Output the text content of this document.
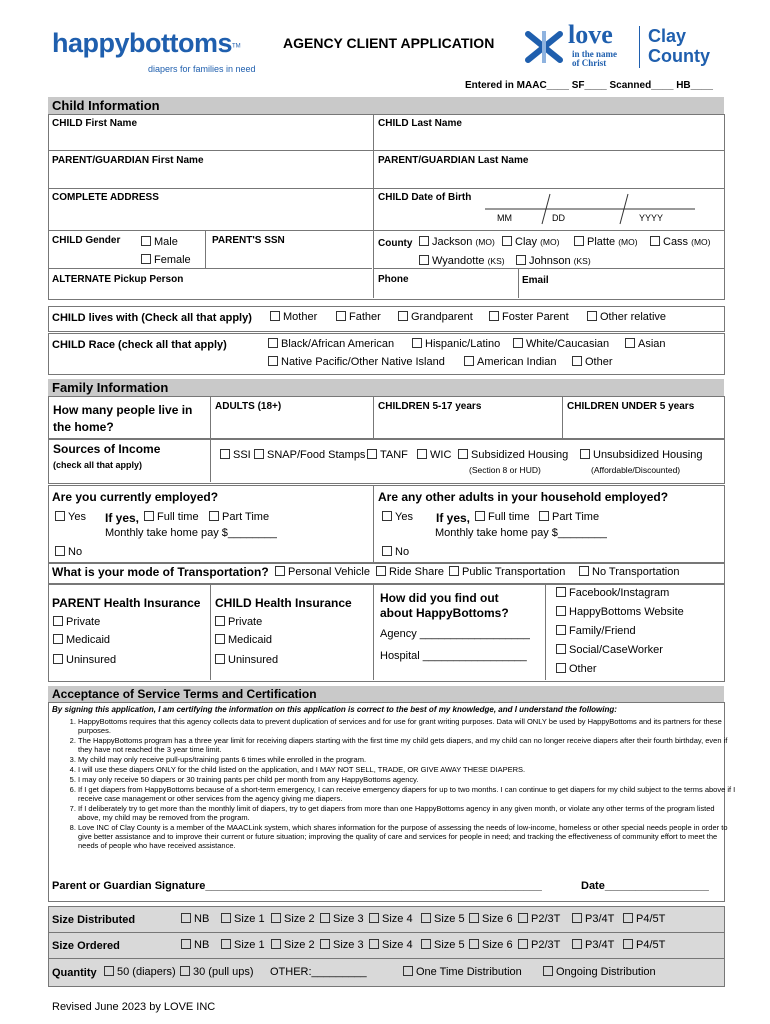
happybottoms™
diapers for families in need
AGENCY CLIENT APPLICATION	love
in the name
of Christ
Clay
County
Entered in MAAC____ SF____ Scanned____ HB____
Child Information
CHILD First Name	CHILD Last Name
PARENT/GUARDIAN First Name	PARENT/GUARDIAN Last Name
COMPLETE ADDRESS	CHILD Date of Birth
MM	DD	YYYY
CHILD Gender	Male
Female
PARENT'S SSN	County	Jackson (MO)	Clay (MO)	Platte (MO)	Cass (MO)
Wyandotte (KS)	Johnson (KS)
ALTERNATE Pickup Person	Phone	Email
CHILD lives with (Check all that apply)	Mother	Father	Grandparent	Foster Parent	Other relative
CHILD Race (check all that apply)	Black/African American	Hispanic/Latino	White/Caucasian	Asian
Native Pacific/Other Native Island	American Indian	Other
Family Information
How many people live in the home?
ADULTS (18+)	CHILDREN 5-17 years	CHILDREN UNDER 5 years
Sources of Income
(check all that apply)
SSI	SNAP/Food Stamps	TANF	WIC	Subsidized Housing	Unsubsidized Housing
(Section 8 or HUD)	(Affordable/Discounted)
Are you currently employed?	Are any other adults in your household employed?
Yes If yes,	Full time	Part Time
Monthly take home pay $________
No
Yes If yes,	Full time	Part Time
Monthly take home pay $________
No
What is your mode of Transportation?	Personal Vehicle	Ride Share	Public Transportation	No Transportation
PARENT Health Insurance
Private
Medicaid
Uninsured
CHILD Health Insurance
Private
Medicaid
Uninsured
How did you find out about HappyBottoms?
Agency __________________
Hospital _________________
Facebook/Instagram
HappyBottoms Website
Family/Friend
Social/CaseWorker
Other
Acceptance of Service Terms and Certification
By signing this application, I am certifying the information on this application is correct to the best of my knowledge, and I understand the following:
1. HappyBottoms requires that this agency collects data to prevent duplication of services and for use for grant writing purposes. Data will ONLY be used by HappyBottoms and its partners for these purposes.
2. The HappyBottoms program has a three year limit for receiving diapers starting with the first time my child gets diapers, and my child can no longer receive diapers after their fourth birthday, even if they have not reached the 3 year time limit.
3. My child may only receive pull-ups/training pants 6 times while enrolled in the program.
4. I will use these diapers ONLY for the child listed on the application, and I MAY NOT SELL, TRADE, OR GIVE AWAY THESE DIAPERS.
5. I may only receive 50 diapers or 30 training pants per child per month from any HappyBottoms agency.
6. If I get diapers from HappyBottoms because of a short-term emergency, I can receive emergency diapers for up to two months. I can continue to get diapers for my child subject to the terms above if I receive case management or other services from the agency giving me diapers.
7. If I deliberately try to get more than the monthly limit of diapers, try to get diapers from more than one HappyBottoms agency in any given month, or violate any other terms of the program listed above, my child may be removed from the program.
8. Love INC of Clay County is a member of the MAACLink system, which shares information for the purpose of assessing the needs of low-income, homeless or other special needs people in order to give better assistance and to improve their current or future situation; improving the quality of care and services for people in need; and tracking the effectiveness of community effort to meet the needs of people who have received assistance.
Parent or Guardian Signature_______________________________________________________	Date_________________
Size Distributed	NB	Size 1	Size 2	Size 3	Size 4	Size 5	Size 6	P2/3T	P3/4T	P4/5T
Size Ordered	NB	Size 1	Size 2	Size 3	Size 4	Size 5	Size 6	P2/3T	P3/4T	P4/5T
Quantity	50 (diapers)	30 (pull ups) OTHER:_________	One Time Distribution	Ongoing Distribution
Revised June 2023 by LOVE INC
